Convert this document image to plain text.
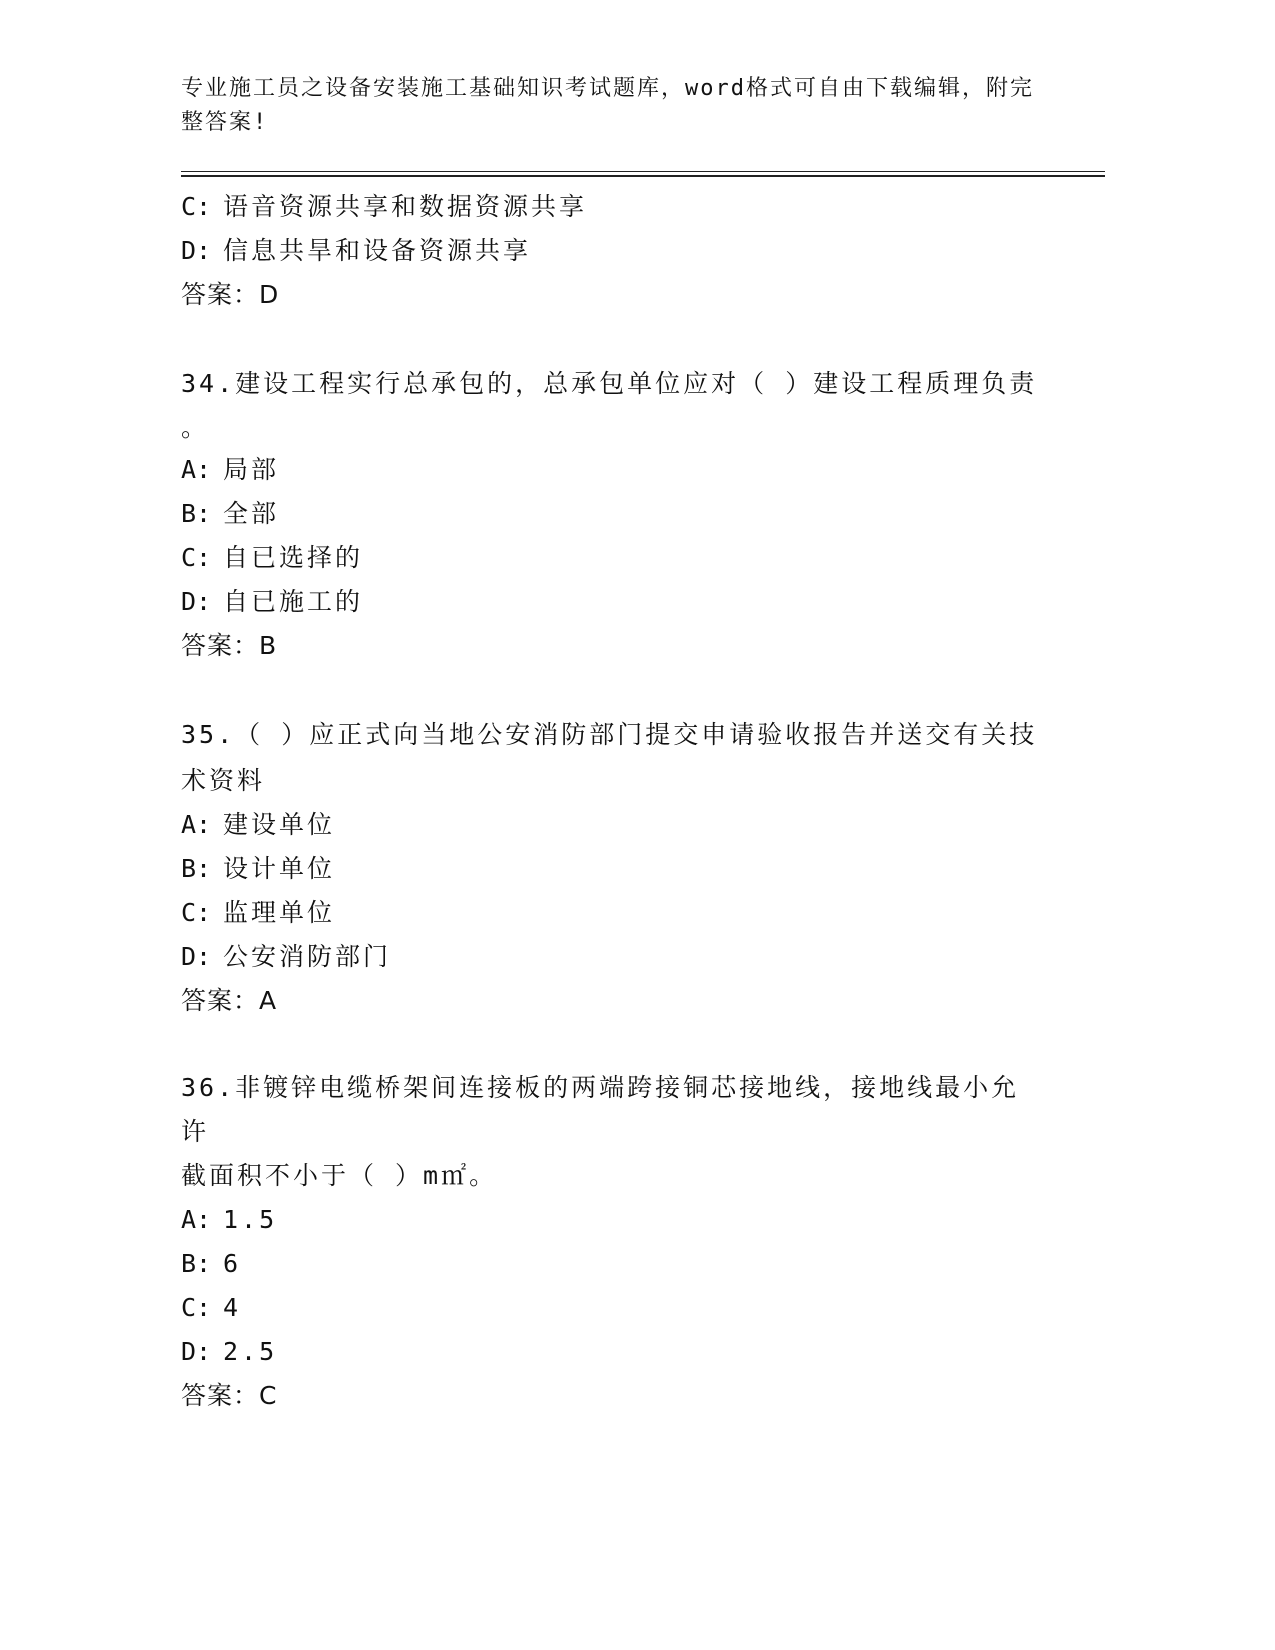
专业施工员之设备安装施工基础知识考试题库，word格式可自由下载编辑，附完
整答案!
C: 语音资源共享和数据资源共享
D: 信息共旱和设备资源共享
答案：D
34.建设工程实行总承包的，总承包单位应对（ ）建设工程质理负责
。
A: 局部
B: 全部
C: 自已选择的
D: 自已施工的
答案：B
35.（ ）应正式向当地公安消防部门提交申请验收报告并送交有关技
术资料
A: 建设单位
B: 设计单位
C: 监理单位
D: 公安消防部门
答案：A
36.非镀锌电缆桥架间连接板的两端跨接铜芯接地线，接地线最小允许
截面积不小于（ ）m㎡。
A: 1.5
B: 6
C: 4
D: 2.5
答案：C
